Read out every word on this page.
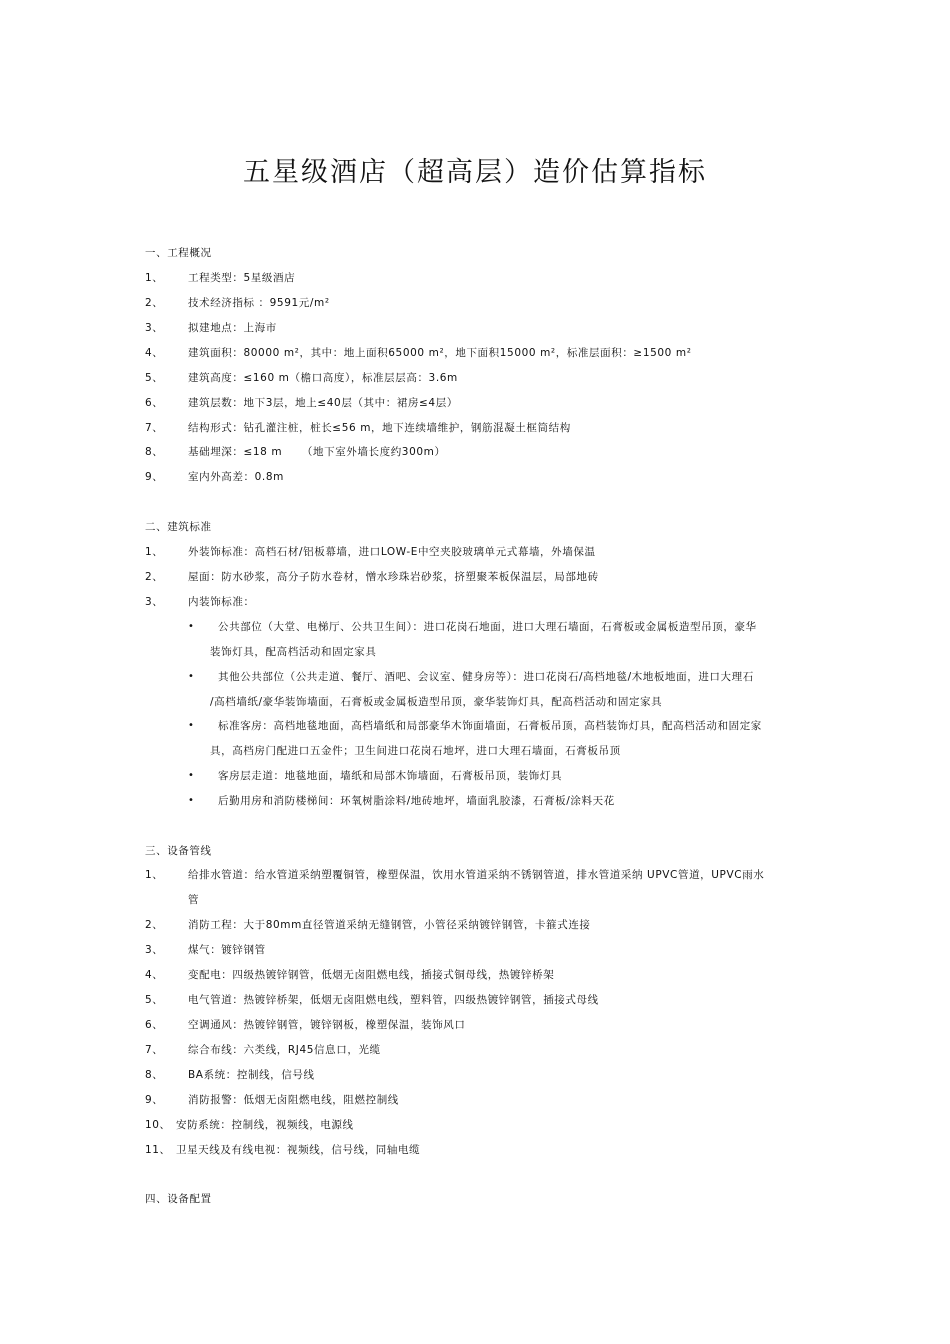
五星级酒店（超高层）造价估算指标
一、工程概况
1、 工程类型：5星级酒店
2、 技术经济指标 ：9591元/m²
3、 拟建地点：上海市
4、 建筑面积：80000 m²，其中：地上面积65000 m²，地下面积15000 m²，标准层面积：≥1500 m²
5、 建筑高度：≤160 m（檐口高度），标准层层高：3.6m
6、 建筑层数：地下3层，地上≤40层（其中：裙房≤4层）
7、 结构形式：钻孔灌注桩，桩长≤56 m，地下连续墙维护，钢筋混凝土框筒结构
8、 基础埋深：≤18 m     （地下室外墙长度约300m）
9、 室内外高差：0.8m
二、建筑标准
1、 外装饰标准：高档石材/铝板幕墙，进口LOW-E中空夹胶玻璃单元式幕墙，外墙保温
2、 屋面：防水砂浆，高分子防水卷材，憎水珍珠岩砂浆，挤塑聚苯板保温层，局部地砖
3、 内装饰标准：
• 公共部位（大堂、电梯厅、公共卫生间）：进口花岗石地面，进口大理石墙面，石膏板或金属板造型吊顶，豪华
装饰灯具，配高档活动和固定家具
• 其他公共部位（公共走道、餐厅、酒吧、会议室、健身房等）：进口花岗石/高档地毯/木地板地面，进口大理石
/高档墙纸/豪华装饰墙面，石膏板或金属板造型吊顶，豪华装饰灯具，配高档活动和固定家具
• 标准客房：高档地毯地面，高档墙纸和局部豪华木饰面墙面，石膏板吊顶，高档装饰灯具，配高档活动和固定家
具，高档房门配进口五金件；卫生间进口花岗石地坪，进口大理石墙面，石膏板吊顶
• 客房层走道：地毯地面，墙纸和局部木饰墙面，石膏板吊顶，装饰灯具
• 后勤用房和消防楼梯间：环氧树脂涂料/地砖地坪，墙面乳胶漆，石膏板/涂料天花
三、设备管线
1、 给排水管道：给水管道采纳塑覆铜管，橡塑保温，饮用水管道采纳不锈钢管道，排水管道采纳 UPVC管道，UPVC雨水
管
2、 消防工程：大于80mm直径管道采纳无缝钢管，小管径采纳镀锌钢管，卡箍式连接
3、 煤气：镀锌钢管
4、 变配电：四级热镀锌钢管，低烟无卤阻燃电线，插接式铜母线，热镀锌桥架
5、 电气管道：热镀锌桥架，低烟无卤阻燃电线，塑料管，四级热镀锌钢管，插接式母线
6、 空调通风：热镀锌钢管，镀锌钢板，橡塑保温，装饰风口
7、 综合布线：六类线，RJ45信息口，光缆
8、 BA系统：控制线，信号线
9、 消防报警：低烟无卤阻燃电线，阻燃控制线
10、 安防系统：控制线，视频线，电源线
11、 卫星天线及有线电视：视频线，信号线，同轴电缆
四、设备配置
